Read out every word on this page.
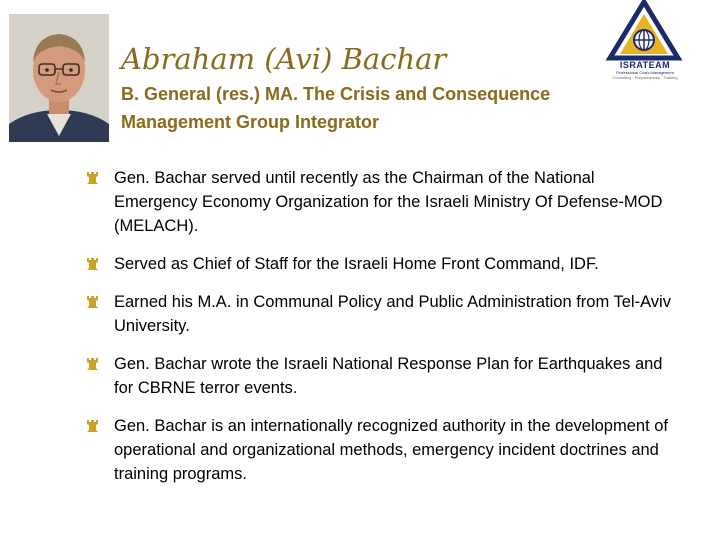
Abraham (Avi) Bachar
B. General (res.) MA. The Crisis and Consequence Management Group Integrator
ISRATEAM
Professional Crisis Management
Consulting · Preparedness · Training
Gen. Bachar served until recently as the Chairman of the National Emergency Economy Organization for the Israeli Ministry Of Defense-MOD (MELACH).
Served as Chief of Staff for the Israeli Home Front Command, IDF.
Earned his M.A. in Communal Policy and Public Administration from Tel-Aviv University.
Gen. Bachar wrote the Israeli National Response Plan for Earthquakes and for CBRNE terror events.
Gen. Bachar is an internationally recognized authority in the development of operational and organizational methods, emergency incident doctrines and training programs.
